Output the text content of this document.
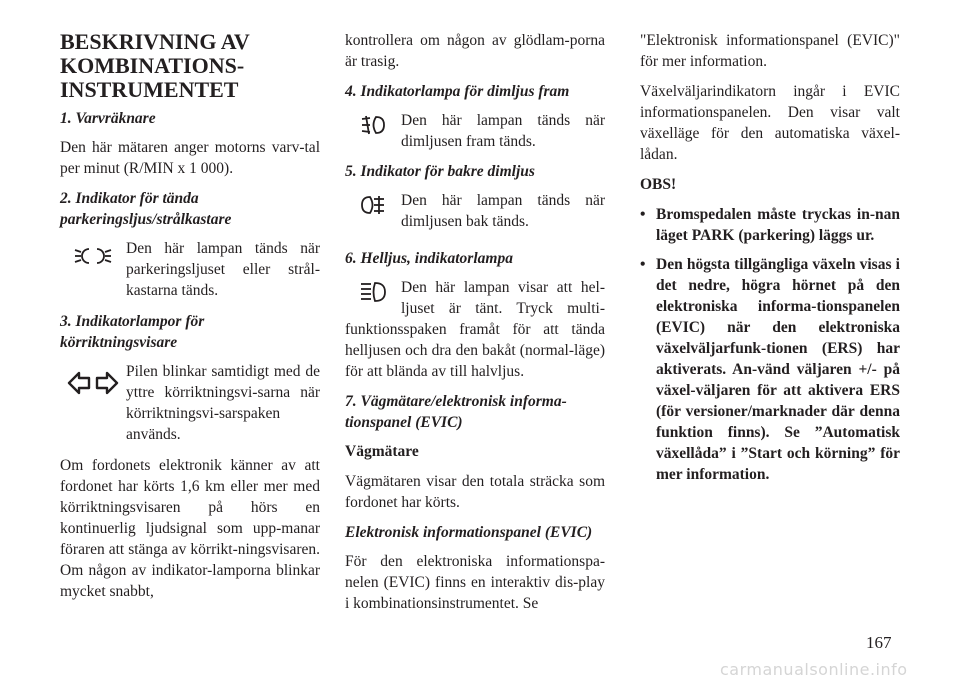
BESKRIVNING AV KOMBINATIONS-INSTRUMENTET

1. Varvräknare

Den här mätaren anger motorns varv-tal per minut (R/MIN x 1 000).

2. Indikator för tända parkeringsljus/strålkastare

Den här lampan tänds när parkeringsljuset eller strål-kastarna tänds.

3. Indikatorlampor för körriktningsvisare

Pilen blinkar samtidigt med de yttre körriktningsvi-sarna när körriktningsvi-sarspaken används.

Om fordonets elektronik känner av att fordonet har körts 1,6 km eller mer med körriktningsvisaren på hörs en kontinuerlig ljudsignal som upp-manar föraren att stänga av körrikt-ningsvisaren. Om någon av indikator-lamporna blinkar mycket snabbt,

kontrollera om någon av glödlam-porna är trasig.

4. Indikatorlampa för dimljus fram

Den här lampan tänds när dimljusen fram tänds.

5. Indikator för bakre dimljus

Den här lampan tänds när dimljusen bak tänds.

6. Helljus, indikatorlampa

Den här lampan visar att hel-ljuset är tänt. Tryck multi-funktionsspaken framåt för att tända helljusen och dra den bakåt (normal-läge) för att blända av till halvljus.

7. Vägmätare/elektronisk informa-tionspanel (EVIC)

Vägmätare

Vägmätaren visar den totala sträcka som fordonet har körts.

Elektronisk informationspanel (EVIC)

För den elektroniska informationspa-nelen (EVIC) finns en interaktiv dis-play i kombinationsinstrumentet. Se

"Elektronisk informationspanel (EVIC)" för mer information.

Växelväljarindikatorn ingår i EVIC informationspanelen. Den visar valt växelläge för den automatiska växel-lådan.

OBS!

• Bromspedalen måste tryckas in-nan läget PARK (parkering) läggs ur.
• Den högsta tillgängliga växeln visas i det nedre, högra hörnet på den elektroniska informa-tionspanelen (EVIC) när den elektroniska växelväljarfunk-tionen (ERS) har aktiverats. An-vänd väljaren +/- på växel-väljaren för att aktivera ERS (för versioner/marknader där denna funktion finns). Se ”Automatisk växellåda” i ”Start och körning” för mer information.
167
carmanualsonline.info
